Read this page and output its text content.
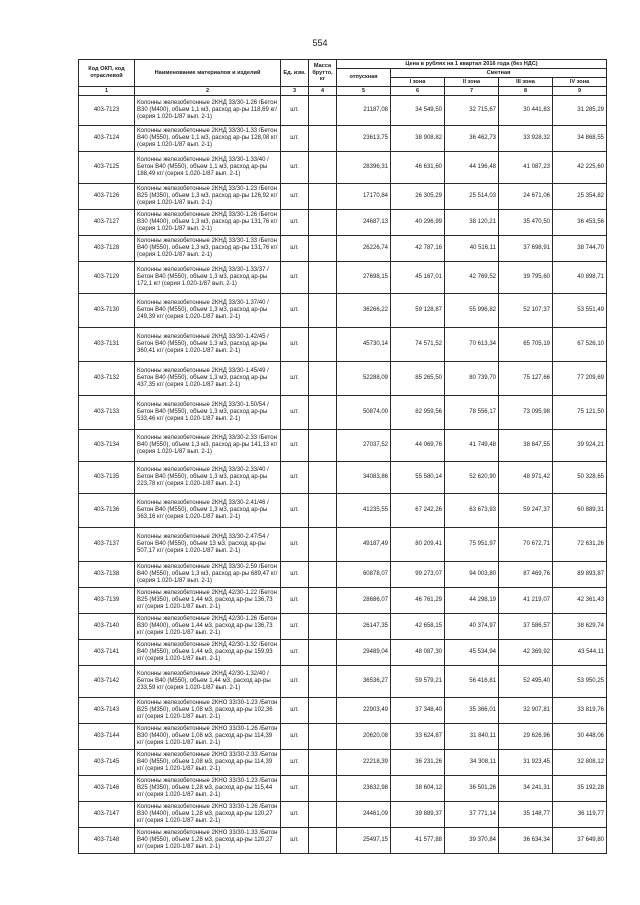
554
Код ОКП, код отраслевой	Наименование материалов и изделий	Ед. изм.	Масса брутто, кг	Цена в рублях на 1 квартал 2016 года (без НДС)				
				отпускная	Сметная			
					I зона	II зона	III зона	IV зона
1	2	3	4	5	6	7	8	9
403-7123	Колонны железобетонные 2КНД 33/30-1.26 /Бетон В30 (М400), объем 1,1 м3, расход ар-ры 118,69 кг/ (серия 1.020-1/87 вып. 2-1)	шт.		21187,08	34 549,50	32 715,67	30 441,83	31 285,29
403-7124	Колонны железобетонные 2КНД 33/30-1.33 /Бетон В40 (М550), объем 1,1 м3, расход ар-ры 128,08 кг/ (серия 1.020-1/87 вып. 2-1)	шт.		23613,75	38 908,82	36 462,73	33 928,32	34 868,55
403-7125	Колонны железобетонные 2КНД 33/30-1.33/40 /Бетон В40 (М550), объем 1,1 м3, расход ар-ры 188,49 кг/ (серия 1.020-1/87 вып. 2-1)	шт.		28396,31	46 631,60	44 196,48	41 087,23	42 225,60
403-7126	Колонны железобетонные 2КНД 33/30-1.23 /Бетон В25 (М350), объем 1,3 м3, расход ар-ры 126,92 кг/ (серия 1.020-1/87 вып. 2-1)	шт.		17170,84	26 305,29	25 514,03	24 671,06	25 354,82
403-7127	Колонны железобетонные 2КНД 33/30-1.26 /Бетон В30 (М400), объем 1,3 м3, расход ар-ры 131,76 кг/ (серия 1.020-1/87 вып. 2-1)	шт.		24687,13	40 296,99	38 120,21	35 470,50	36 453,56
403-7128	Колонны железобетонные 2КНД 33/30-1.33 /Бетон В40 (М550), объем 1,3 м3, расход ар-ры 131,76 кг/ (серия 1.020-1/87 вып. 2-1)	шт.		26226,74	42 787,16	40 516,11	37 698,91	38 744,70
403-7129	Колонны железобетонные 2КНД 33/30-1.33/37 /Бетон В40 (М550), объем 1,3 м3, расход ар-ры 172,1 кг/ (серия 1.020-1/87 вып. 2-1)	шт.		27698,15	45 167,01	42 769,52	39 795,60	40 898,71
403-7130	Колонны железобетонные 2КНД 33/30-1.37/40 /Бетон В40 (М550), объем 1,3 м3, расход ар-ры 249,39 кг/ (серия 1.020-1/87 вып. 2-1)	шт.		36266,22	59 128,87	55 996,82	52 107,37	53 551,49
403-7131	Колонны железобетонные 2КНД 33/30-1.42/45 /Бетон В40 (М550), объем 1,3 м3, расход ар-ры 360,41 кг/ (серия 1.020-1/87 вып. 2-1)	шт.		45730,14	74 571,52	70 613,34	65 705,19	67 526,10
403-7132	Колонны железобетонные 2КНД 33/30-1.45/49 /Бетон В40 (М550), объем 1,3 м3, расход ар-ры 437,35 кг/ (серия 1.020-1/87 вып. 2-1)	шт.		52288,09	85 265,50	80 739,70	75 127,66	77 209,69
403-7133	Колонны железобетонные 2КНД 33/30-1.50/54 /Бетон В40 (М550), объем 1,3 м3, расход ар-ры 533,46 кг/ (серия 1.020-1/87 вып. 2-1)	шт.		50874,00	82 959,56	78 556,17	73 095,98	75 121,50
403-7134	Колонны железобетонные 2КНД 33/30-2.33 /Бетон В40 (М550), объем 1,3 м3, расход ар-ры 141,13 кг/ (серия 1.020-1/87 вып. 2-1)	шт.		27037,52	44 069,76	41 749,48	38 847,55	39 924,21
403-7135	Колонны железобетонные 2КНД 33/30-2.33/40 /Бетон В40 (М550), объем 1,3 м3, расход ар-ры 223,78 кг/ (серия 1.020-1/87 вып. 2-1)	шт.		34083,86	55 580,14	52 620,90	48 971,42	50 328,65
403-7136	Колонны железобетонные 2КНД 33/30-2.41/46 /Бетон В40 (М550), объем 1,3 м3, расход ар-ры 363,16 кг/ (серия 1.020-1/87 вып. 2-1)	шт.		41235,55	67 242,26	63 673,93	59 247,37	60 889,31
403-7137	Колонны железобетонные 2КНД 33/30-2.47/54 /Бетон В40 (М550), объем 13 м3, расход ар-ры 507,17 кг/ (серия 1.020-1/87 вып. 2-1)	шт.		49187,49	80 209,41	75 951,97	70 672,71	72 631,26
403-7138	Колонны железобетонные 2КНД 33/30-2.59 /Бетон В40 (М550), объем 1,3 м3, расход ар-ры 689,47 кг/ (серия 1.020-1/87 вып. 2-1)	шт.		60878,07	99 273,07	94 003,80	87 469,76	89 893,87
403-7139	Колонны железобетонные 2КНД 42/30-1.22 /Бетон В25 (М350), объем 1,44 м3, расход ар-ры 136,73 кг/ (серия 1.020-1/87 вып. 2-1)	шт.		28686,07	46 761,29	44 298,19	41 219,07	42 361,43
403-7140	Колонны железобетонные 2КНД 42/30-1.26 /Бетон В30 (М400), объем 1,44 м3, расход ар-ры 136,73 кг/ (серия 1.020-1/87 вып. 2-1)	шт.		26147,35	42 658,15	40 374,97	37 586,57	38 629,74
403-7141	Колонны железобетонные 2КНД 42/30-1.32 /Бетон В40 (М550), объем 1,44 м3, расход ар-ры 159,93 кг/ (серия 1.020-1/87 вып. 2-1)	шт.		29489,04	48 087,30	45 534,94	42 369,92	43 544,11
403-7142	Колонны железобетонные 2КНД 42/30-1.32/40 /Бетон В40 (М550), объем 1,44 м3, расход ар-ры 233,59 кг/ (серия 1.020-1/87 вып. 2-1)	шт.		36536,27	59 579,21	56 416,81	52 495,40	53 950,25
403-7143	Колонны железобетонные 2КНО 33/30-1.23 /Бетон В25 (М350), объем 1,08 м3, расход ар-ры 102,36 кг/ (серия 1.020-1/87 вып. 2-1)	шт.		22903,49	37 348,40	35 366,01	32 907,81	33 819,76
403-7144	Колонны железобетонные 2КНО 33/30-1.26 /Бетон В30 (М400), объем 1,08 м3, расход ар-ры 114,39 кг/ (серия 1.020-1/87 вып. 2-1)	шт.		20620,08	33 624,87	31 840,11	29 626,96	30 448,06
403-7145	Колонны железобетонные 2КНО 33/30-2.33 /Бетон В40 (М550), объем 1,08 м3, расход ар-ры 114,39 кг/ (серия 1.020-1/87 вып. 2-1)	шт.		22218,39	36 231,26	34 308,11	31 923,45	32 808,12
403-7146	Колонны железобетонные 2КНО 33/30-1.23 /Бетон В25 (М350), объем 1,28 м3, расход ар-ры 115,44 кг/ (серия 1.020-1/87 вып. 2-1)	шт.		23632,98	38 604,12	36 501,26	34 241,31	35 192,28
403-7147	Колонны железобетонные 2КНО 33/30-1.26 /Бетон В30 (М400), объем 1,28 м3, расход ар-ры 120,27 кг/ (серия 1.020-1/87 вып. 2-1)	шт.		24461,09	39 889,37	37 771,14	35 148,77	36 119,77
403-7148	Колонны железобетонные 2КНО 33/30-1.33 /Бетон В40 (М550), объем 1,28 м3, расход ар-ры 120,27 кг/ (серия 1.020-1/87 вып. 2-1)	шт.		25497,15	41 577,88	39 370,84	36 634,34	37 649,80
